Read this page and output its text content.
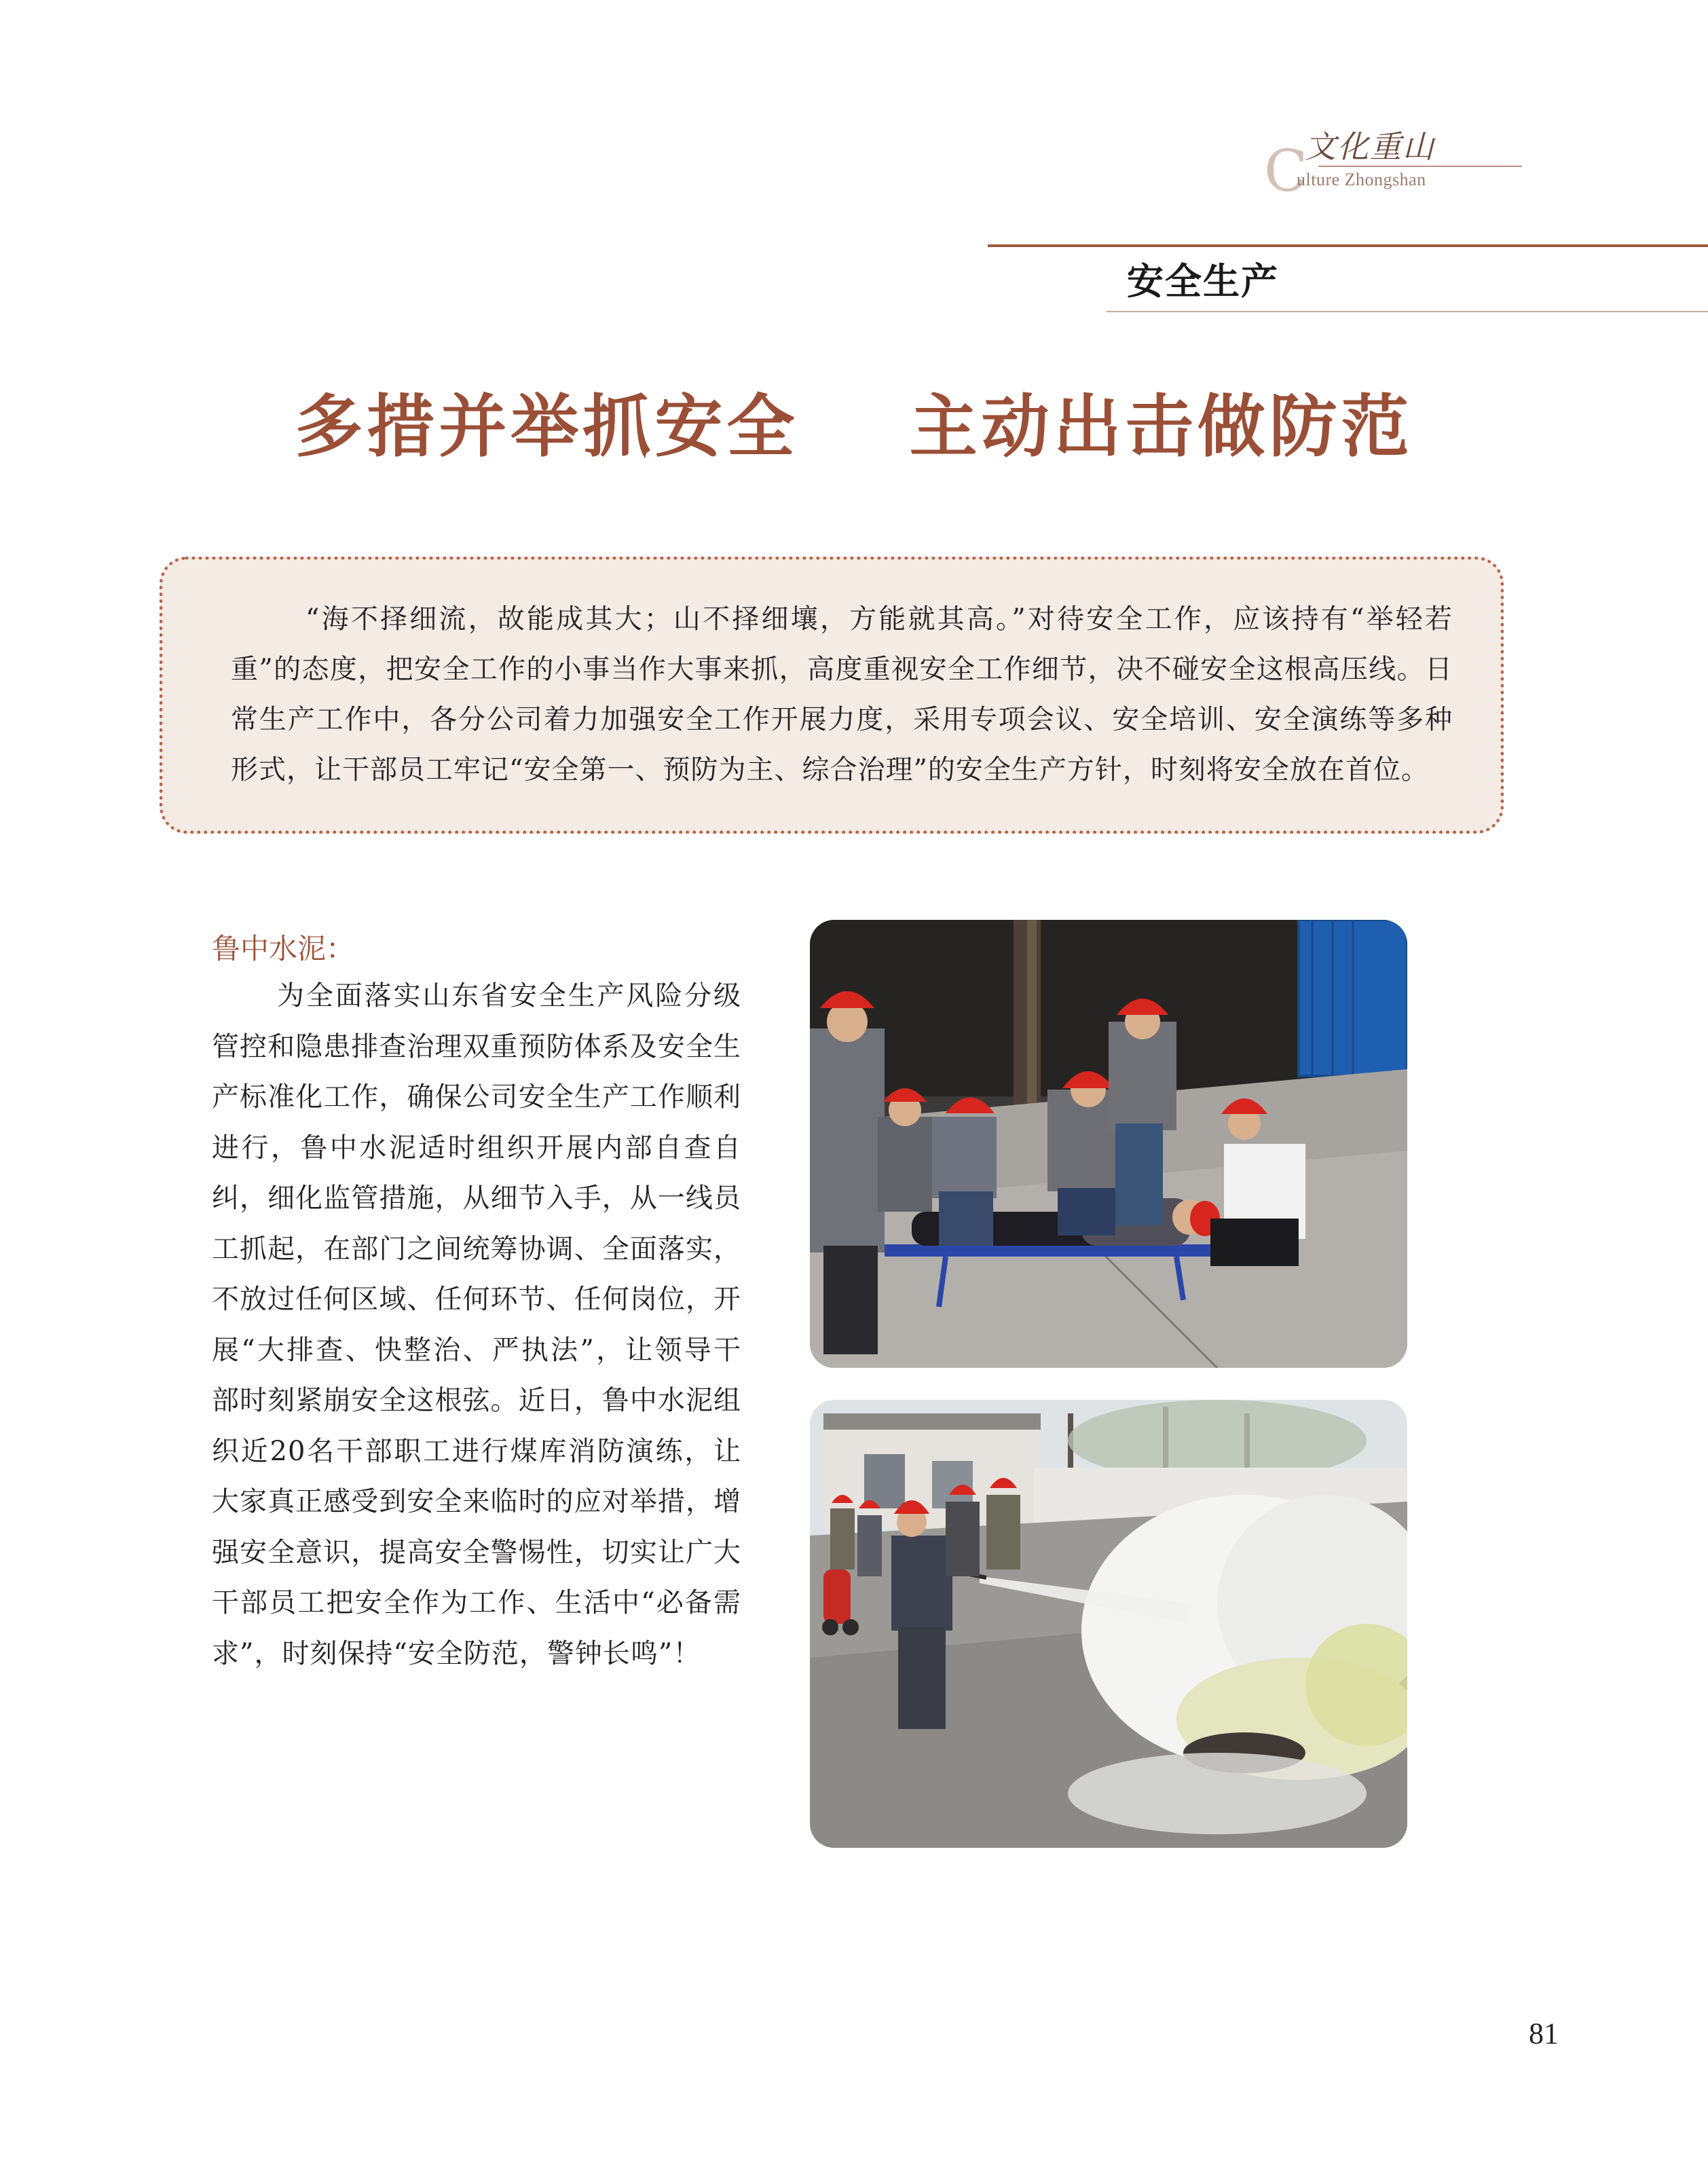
文化重山
C
ulture Zhongshan
安全生产
多措并举抓安全    主动出击做防范
“海不择细流，故能成其大；山不择细壤，方能就其高。”对待安全工作，应该持有“举轻若重”的态度，把安全工作的小事当作大事来抓，高度重视安全工作细节，决不碰安全这根高压线。日常生产工作中，各分公司着力加强安全工作开展力度，采用专项会议、安全培训、安全演练等多种形式，让干部员工牢记“安全第一、预防为主、综合治理”的安全生产方针，时刻将安全放在首位。
鲁中水泥：
为全面落实山东省安全生产风险分级管控和隐患排查治理双重预防体系及安全生产标准化工作，确保公司安全生产工作顺利进行，鲁中水泥适时组织开展内部自查自纠，细化监管措施，从细节入手，从一线员工抓起，在部门之间统筹协调、全面落实，不放过任何区域、任何环节、任何岗位，开展“大排查、快整治、严执法”，让领导干部时刻紧崩安全这根弦。近日，鲁中水泥组织近20名干部职工进行煤库消防演练，让大家真正感受到安全来临时的应对举措，增强安全意识，提高安全警惕性，切实让广大干部员工把安全作为工作、生活中“必备需求”，时刻保持“安全防范，警钟长鸣”！
81
